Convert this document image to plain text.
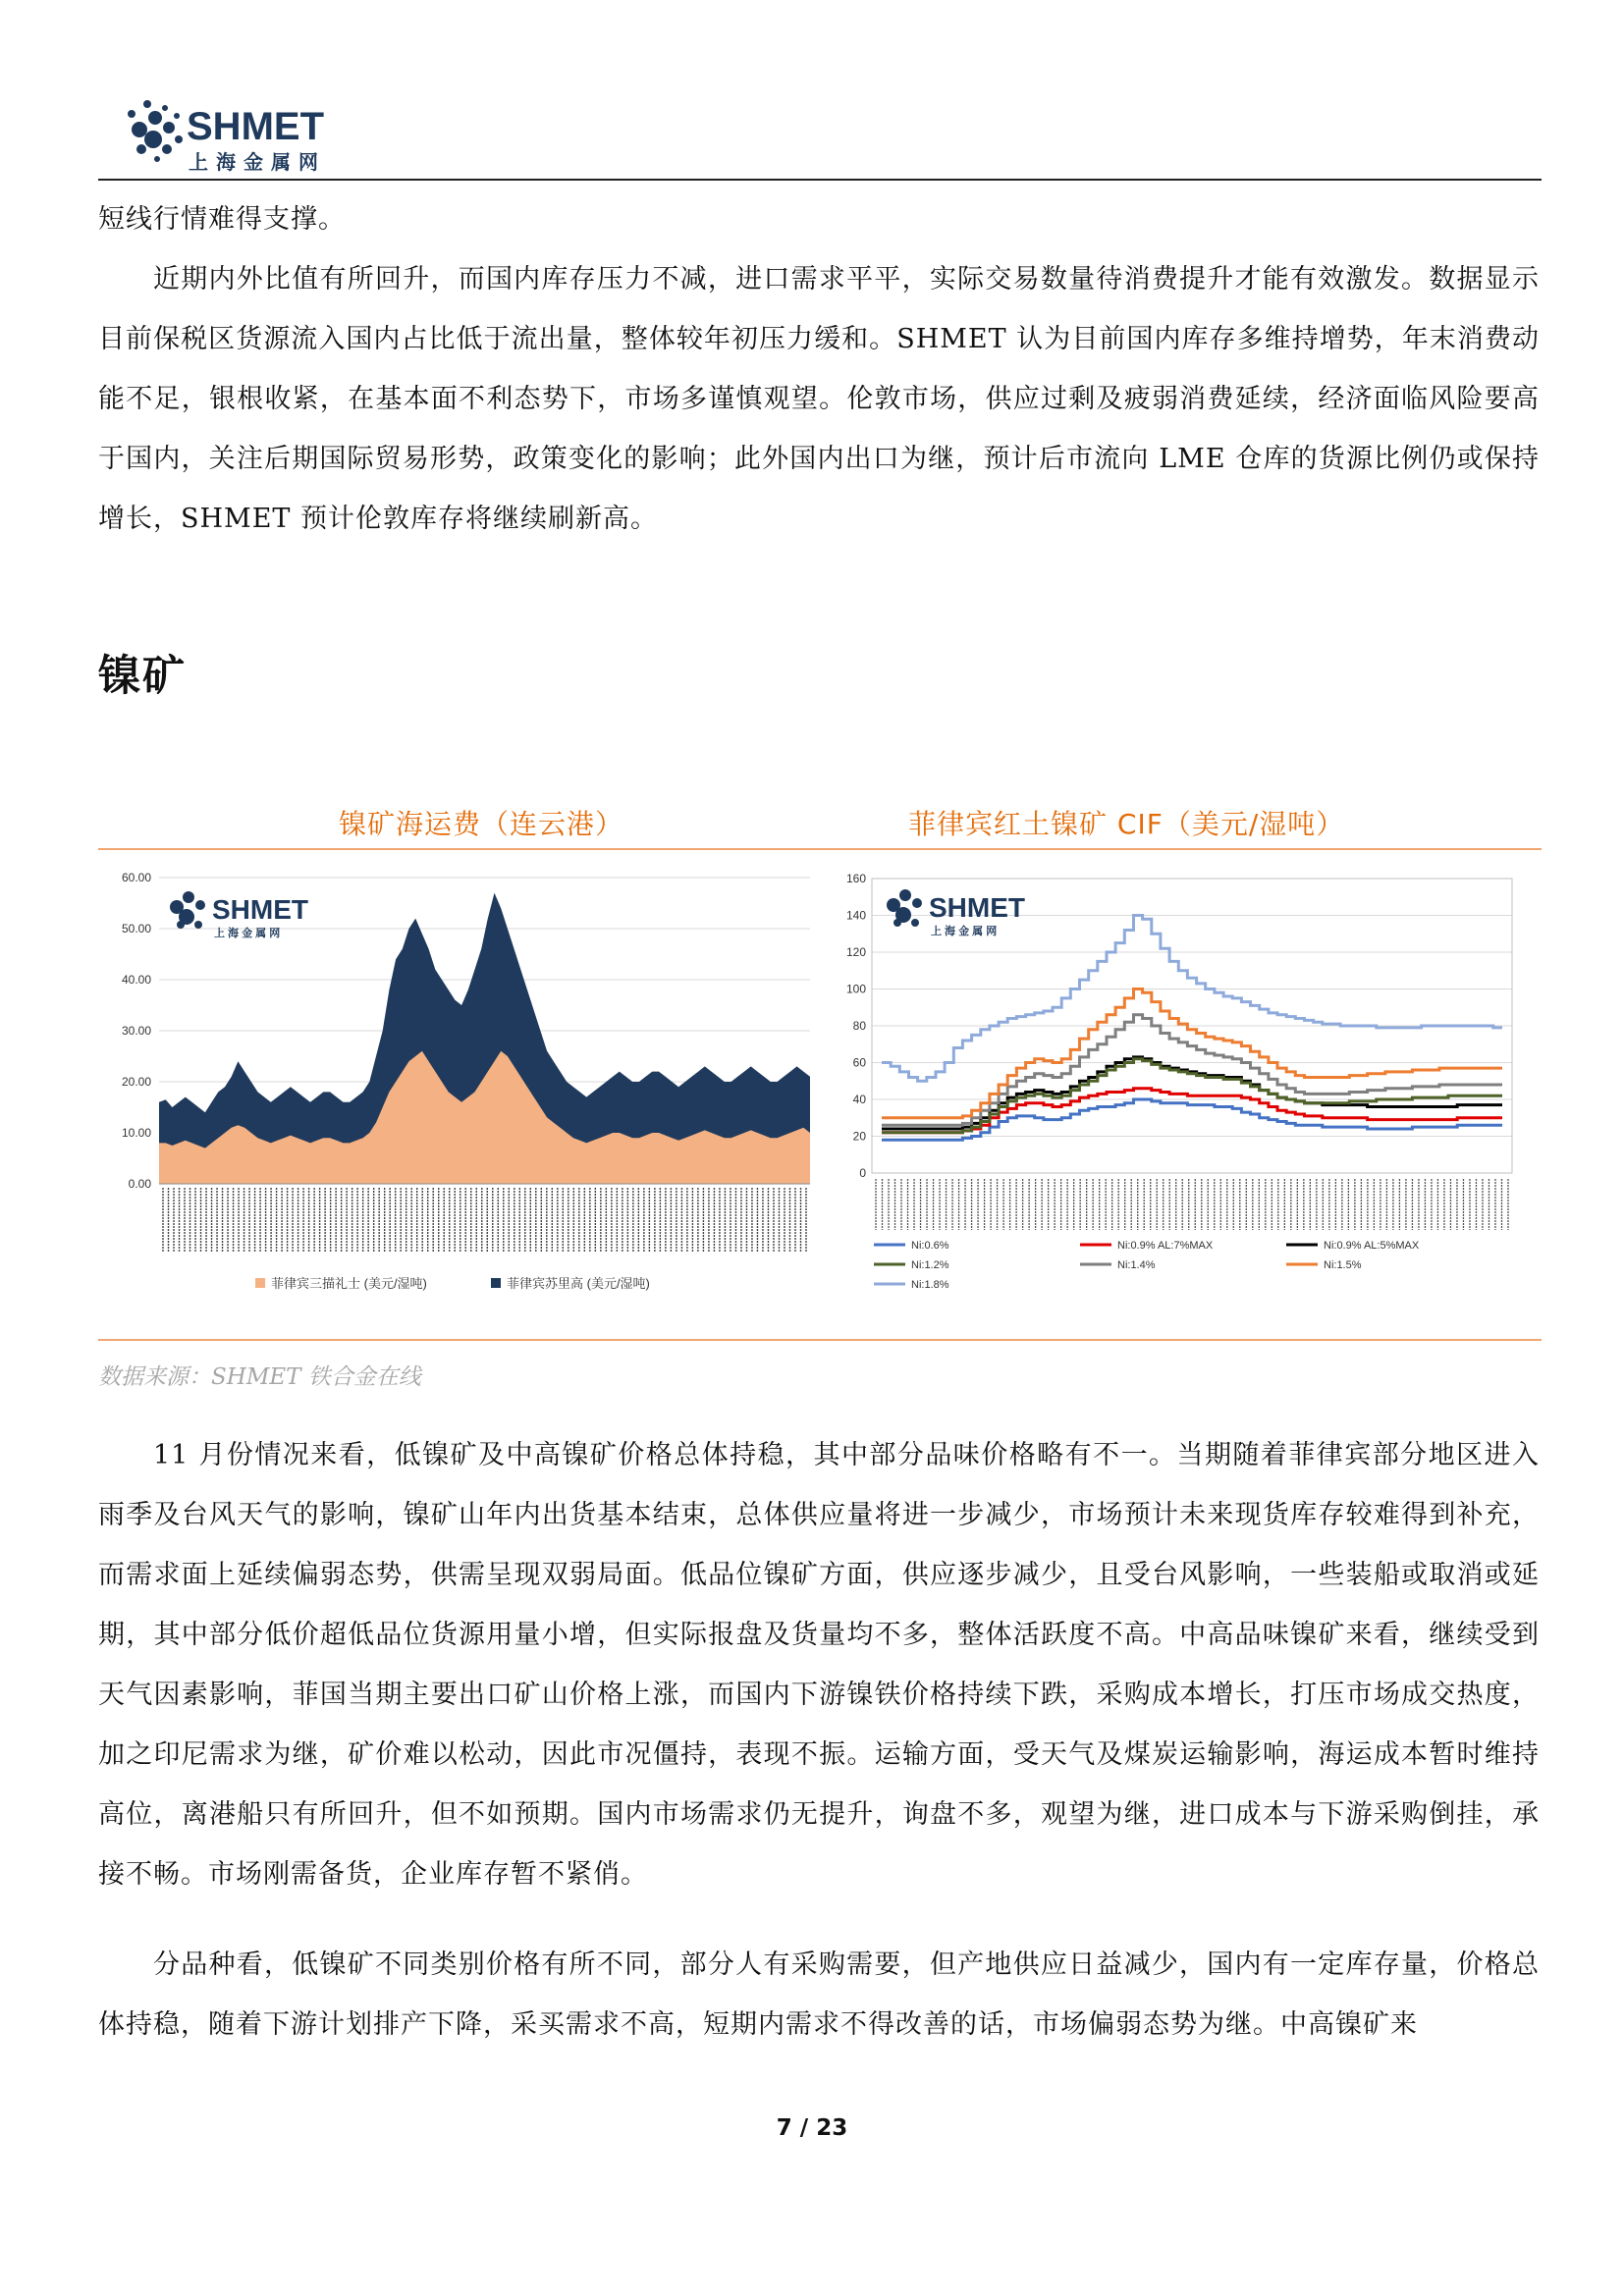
SHMET
上海金属网

短线行情难得支撑。

近期内外比值有所回升，而国内库存压力不减，进口需求平平，实际交易数量待消费提升才能有效激发。数据显示目前保税区货源流入国内占比低于流出量，整体较年初压力缓和。SHMET 认为目前国内库存多维持增势，年末消费动能不足，银根收紧，在基本面不利态势下，市场多谨慎观望。伦敦市场，供应过剩及疲弱消费延续，经济面临风险要高于国内，关注后期国际贸易形势，政策变化的影响；此外国内出口为继，预计后市流向 LME 仓库的货源比例仍或保持增长，SHMET 预计伦敦库存将继续刷新高。

镍矿
镍矿海运费（连云港）	菲律宾红土镍矿 CIF（美元/湿吨）
0.00
10.00
20.00
30.00
40.00
50.00
60.00
SHMET
上 海 金 属 网
菲律宾三描礼士 (美元/湿吨)	菲律宾苏里高 (美元/湿吨)
0
20
40
60
80
100
120
140
160
SHMET
上 海 金 属 网
Ni:0.6%	Ni:0.9% AL:7%MAX	Ni:0.9% AL:5%MAX
Ni:1.4%	Ni:1.5%
Ni:1.2%
Ni:1.8%
数据来源：SHMET 铁合金在线

11 月份情况来看，低镍矿及中高镍矿价格总体持稳，其中部分品味价格略有不一。当期随着菲律宾部分地区进入雨季及台风天气的影响，镍矿山年内出货基本结束，总体供应量将进一步减少，市场预计未来现货库存较难得到补充，而需求面上延续偏弱态势，供需呈现双弱局面。低品位镍矿方面，供应逐步减少，且受台风影响，一些装船或取消或延期，其中部分低价超低品位货源用量小增，但实际报盘及货量均不多，整体活跃度不高。中高品味镍矿来看，继续受到天气因素影响，菲国当期主要出口矿山价格上涨，而国内下游镍铁价格持续下跌，采购成本增长，打压市场成交热度，加之印尼需求为继，矿价难以松动，因此市况僵持，表现不振。运输方面，受天气及煤炭运输影响，海运成本暂时维持高位，离港船只有所回升，但不如预期。国内市场需求仍无提升，询盘不多，观望为继，进口成本与下游采购倒挂，承接不畅。市场刚需备货，企业库存暂不紧俏。

分品种看，低镍矿不同类别价格有所不同，部分人有采购需要，但产地供应日益减少，国内有一定库存量，价格总体持稳，随着下游计划排产下降，采买需求不高，短期内需求不得改善的话，市场偏弱态势为继。中高镍矿来

7 / 23
